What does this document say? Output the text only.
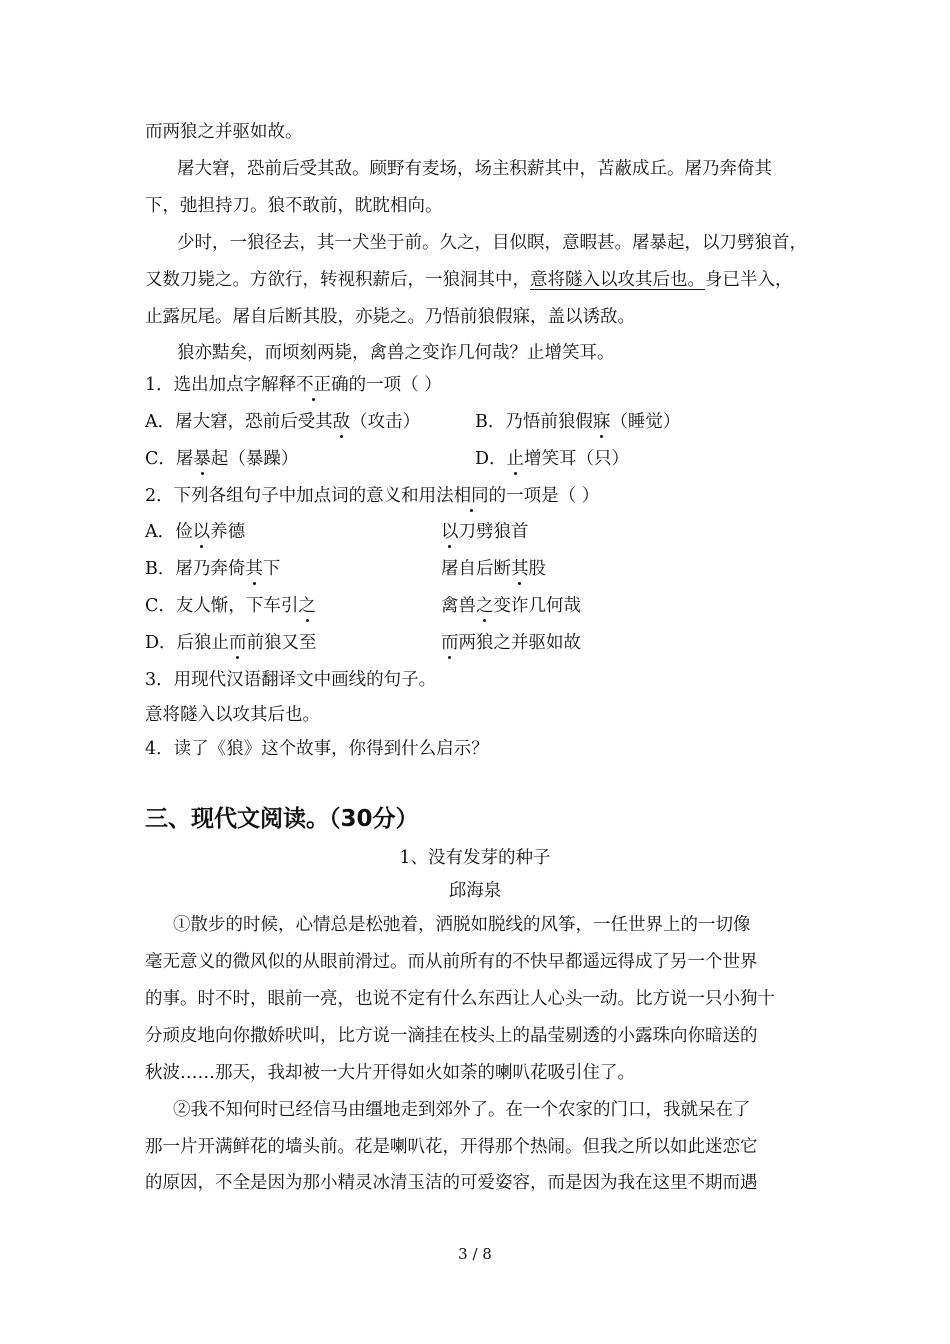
而两狼之并驱如故。
屠大窘，恐前后受其敌。顾野有麦场，场主积薪其中，苫蔽成丘。屠乃奔倚其
下，弛担持刀。狼不敢前，眈眈相向。
少时，一狼径去，其一犬坐于前。久之，目似瞑，意暇甚。屠暴起，以刀劈狼首，
又数刀毙之。方欲行，转视积薪后，一狼洞其中，意将隧入以攻其后也。身已半入，
止露尻尾。屠自后断其股，亦毙之。乃悟前狼假寐，盖以诱敌。
狼亦黠矣，而顷刻两毙，禽兽之变诈几何哉？止增笑耳。
1．选出加点字解释不正确的一项（ ）
A．屠大窘，恐前后受其敌（攻击）	B．乃悟前狼假寐（睡觉）
C．屠暴起（暴躁）	D．止增笑耳（只）
2．下列各组句子中加点词的意义和用法相同的一项是（ ）
A．俭以养德	以刀劈狼首
B．屠乃奔倚其下	屠自后断其股
C．友人惭，下车引之	禽兽之变诈几何哉
D．后狼止而前狼又至	而两狼之并驱如故
3．用现代汉语翻译文中画线的句子。
意将隧入以攻其后也。
4．读了《狼》这个故事，你得到什么启示？
三、现代文阅读。（30分）
1、没有发芽的种子
邱海泉
①散步的时候，心情总是松弛着，洒脱如脱线的风筝，一任世界上的一切像
毫无意义的微风似的从眼前滑过。而从前所有的不快早都遥远得成了另一个世界
的事。时不时，眼前一亮，也说不定有什么东西让人心头一动。比方说一只小狗十
分顽皮地向你撒娇吠叫，比方说一滴挂在枝头上的晶莹剔透的小露珠向你暗送的
秋波……那天，我却被一大片开得如火如荼的喇叭花吸引住了。
②我不知何时已经信马由缰地走到郊外了。在一个农家的门口，我就呆在了
那一片开满鲜花的墙头前。花是喇叭花，开得那个热闹。但我之所以如此迷恋它
的原因，不全是因为那小精灵冰清玉洁的可爱姿容，而是因为我在这里不期而遇
3 / 8
